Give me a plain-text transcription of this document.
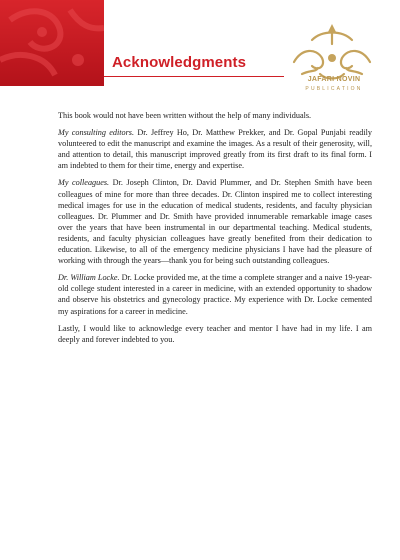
Acknowledgments
JAFARI NOVIN
PUBLICATION

This book would not have been written without the help of many individuals.

My consulting editors. Dr. Jeffrey Ho, Dr. Matthew Prekker, and Dr. Gopal Punjabi readily volunteered to edit the manuscript and examine the images. As a result of their generosity, will, and attention to detail, this manuscript improved greatly from its first draft to its final form. I am indebted to them for their time, energy and expertise.

My colleagues. Dr. Joseph Clinton, Dr. David Plummer, and Dr. Stephen Smith have been colleagues of mine for more than three decades. Dr. Clinton inspired me to collect interesting medical images for use in the education of medical students, residents, and faculty physician colleagues. Dr. Plummer and Dr. Smith have provided innumerable remarkable image cases over the years that have been instrumental in our departmental teaching. Medical students, residents, and faculty physician colleagues have greatly benefited from their dedication to education. Likewise, to all of the emergency medicine physicians I have had the pleasure of working with through the years—thank you for being such outstanding colleagues.

Dr. William Locke. Dr. Locke provided me, at the time a complete stranger and a naive 19-year-old college student interested in a career in medicine, with an extended opportunity to shadow and observe his obstetrics and gynecology practice. My experience with Dr. Locke cemented my aspirations for a career in medicine.

Lastly, I would like to acknowledge every teacher and mentor I have had in my life. I am deeply and forever indebted to you.
